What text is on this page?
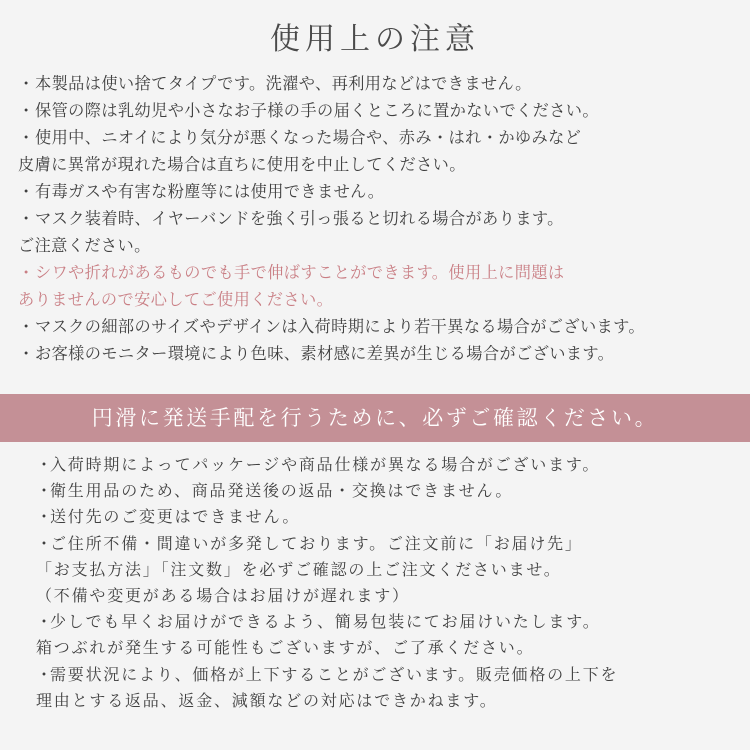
使用上の注意
・本製品は使い捨てタイプです。洗濯や、再利用などはできません。
・保管の際は乳幼児や小さなお子様の手の届くところに置かないでください。
・使用中、ニオイにより気分が悪くなった場合や、赤み・はれ・かゆみなど
皮膚に異常が現れた場合は直ちに使用を中止してください。
・有毒ガスや有害な粉塵等には使用できません。
・マスク装着時、イヤーバンドを強く引っ張ると切れる場合があります。
ご注意ください。
・シワや折れがあるものでも手で伸ばすことができます。使用上に問題は
ありませんので安心してご使用ください。
・マスクの細部のサイズやデザインは入荷時期により若干異なる場合がございます。
・お客様のモニター環境により色味、素材感に差異が生じる場合がございます。
円滑に発送手配を行うために、必ずご確認ください。
・入荷時期によってパッケージや商品仕様が異なる場合がございます。
・衛生用品のため、商品発送後の返品・交換はできません。
・送付先のご変更はできません。
・ご住所不備・間違いが多発しております。ご注文前に「お届け先」
「お支払方法」「注文数」を必ずご確認の上ご注文くださいませ。
（不備や変更がある場合はお届けが遅れます）
・少しでも早くお届けができるよう、簡易包装にてお届けいたします。
箱つぶれが発生する可能性もございますが、ご了承ください。
・需要状況により、価格が上下することがございます。販売価格の上下を
理由とする返品、返金、減額などの対応はできかねます。
